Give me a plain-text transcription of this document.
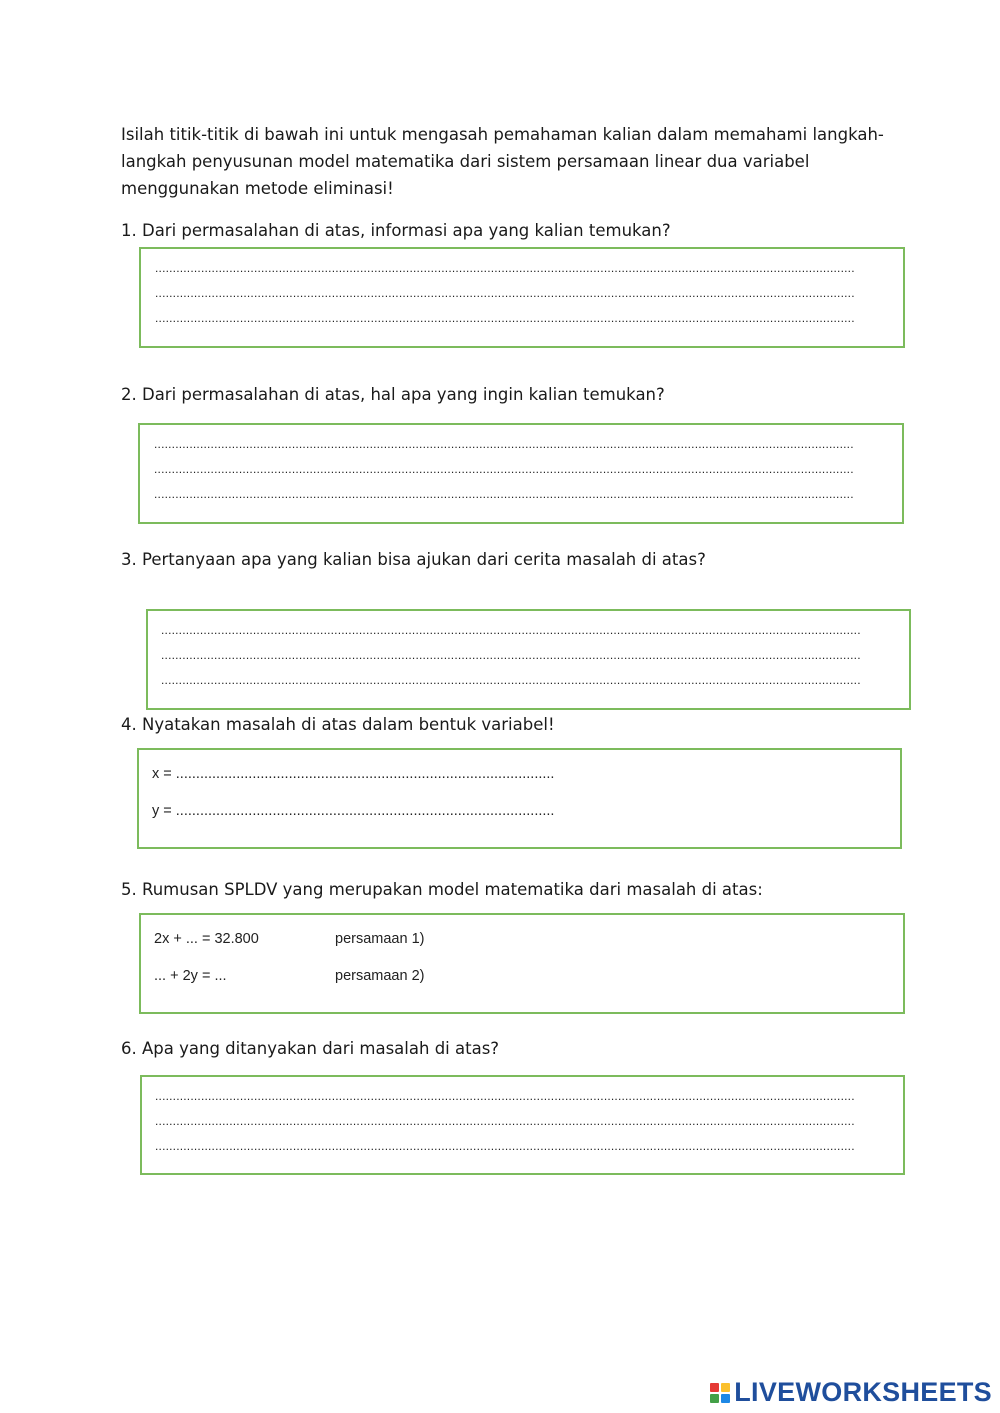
Isilah titik-titik di bawah ini untuk mengasah pemahaman kalian dalam memahami langkah-langkah penyusunan model matematika dari sistem persamaan linear dua variabel menggunakan metode eliminasi!

1. Dari permasalahan di atas, informasi apa yang kalian temukan?

......................................................................................................................................................................................................
......................................................................................................................................................................................................
......................................................................................................................................................................................................

2. Dari permasalahan di atas, hal apa yang ingin kalian temukan?

......................................................................................................................................................................................................
......................................................................................................................................................................................................
......................................................................................................................................................................................................

3. Pertanyaan apa yang kalian bisa ajukan dari cerita masalah di atas?

......................................................................................................................................................................................................
......................................................................................................................................................................................................
......................................................................................................................................................................................................

4. Nyatakan masalah di atas dalam bentuk variabel!

x = ..............................................................................................
y = ..............................................................................................

5. Rumusan SPLDV yang merupakan model matematika dari masalah di atas:

2x + ... = 32.800	persamaan 1)
... + 2y = ...	persamaan 2)

6. Apa yang ditanyakan dari masalah di atas?

......................................................................................................................................................................................................
......................................................................................................................................................................................................
......................................................................................................................................................................................................
LIVEWORKSHEETS
